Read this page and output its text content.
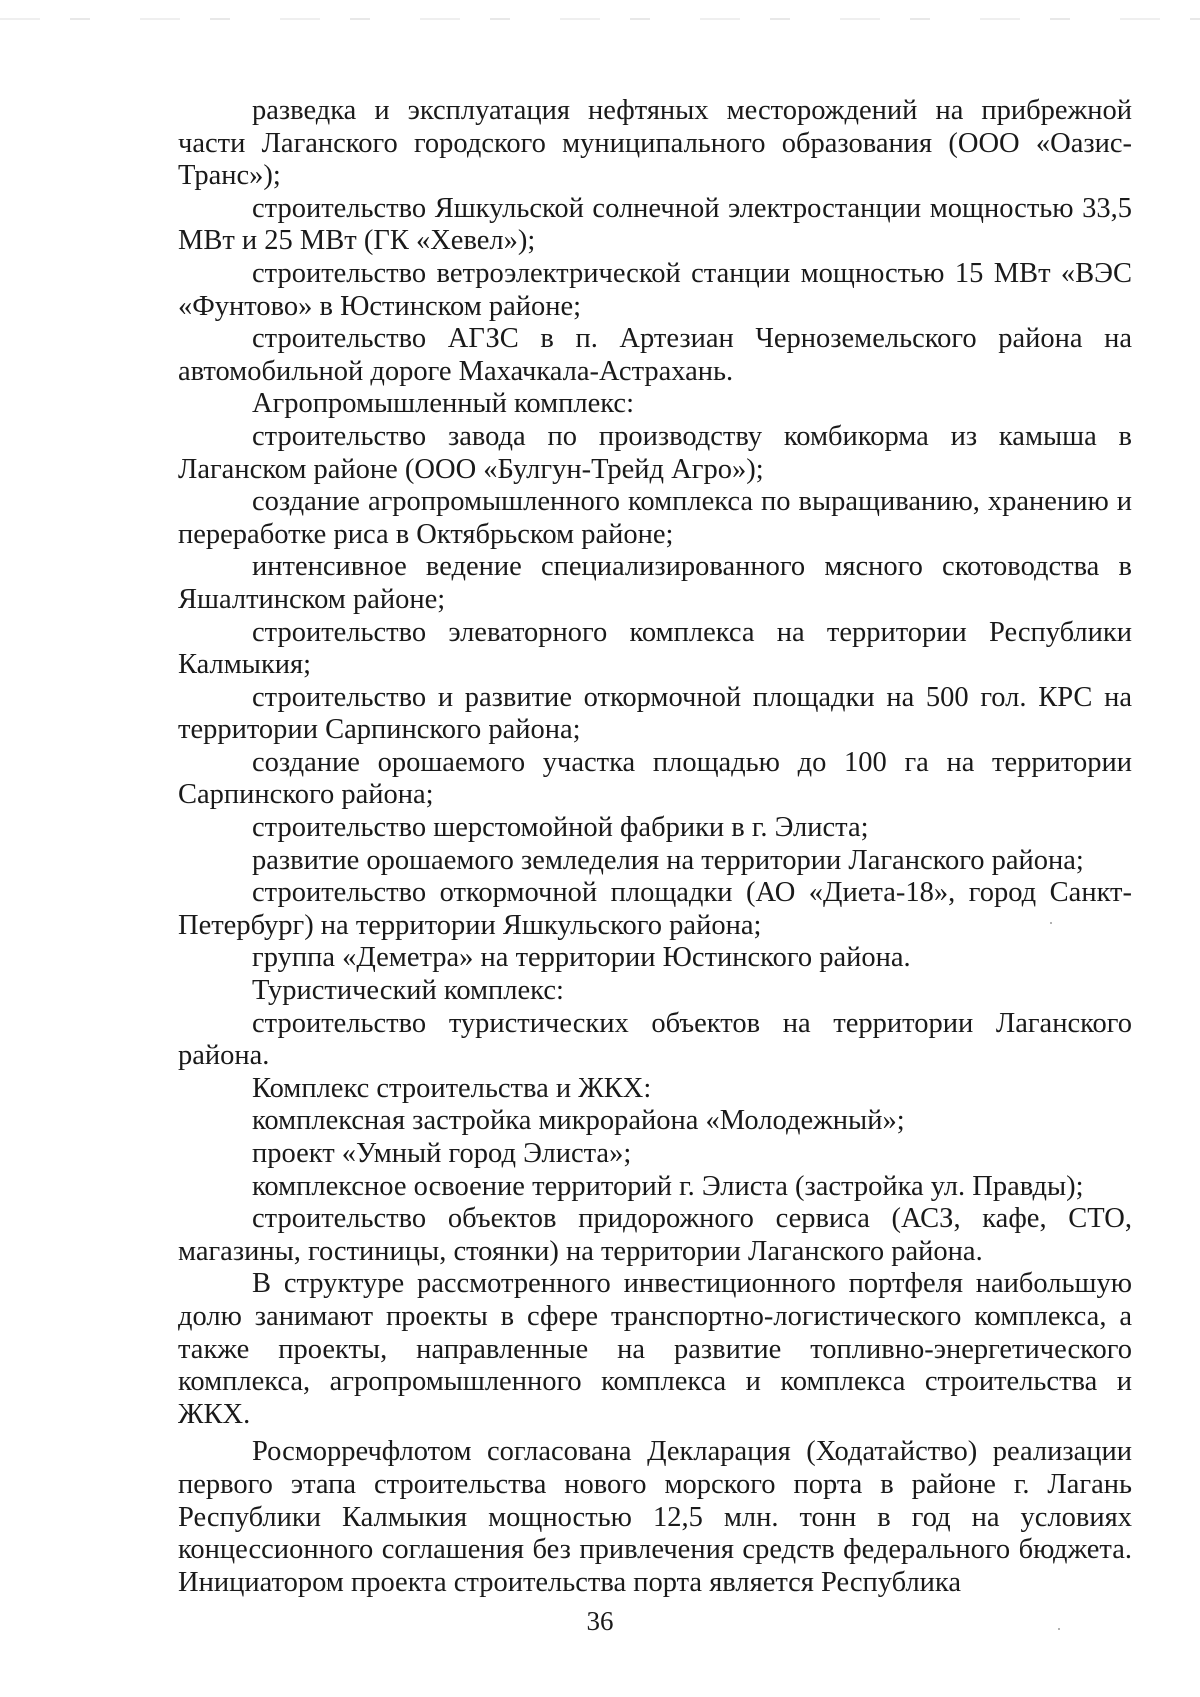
разведка и эксплуатация нефтяных месторождений на прибрежной части Лаганского городского муниципального образования (ООО «Оазис-Транс»);

строительство Яшкульской солнечной электростанции мощностью 33,5 МВт и 25 МВт (ГК «Хевел»);

строительство ветроэлектрической станции мощностью 15 МВт «ВЭС «Фунтово» в Юстинском районе;

строительство АГЗС в п. Артезиан Черноземельского района на автомобильной дороге Махачкала-Астрахань.

Агропромышленный комплекс:

строительство завода по производству комбикорма из камыша в Лаганском районе (ООО «Булгун-Трейд Агро»);

создание агропромышленного комплекса по выращиванию, хранению и переработке риса в Октябрьском районе;

интенсивное ведение специализированного мясного скотоводства в Яшалтинском районе;

строительство элеваторного комплекса на территории Республики Калмыкия;

строительство и развитие откормочной площадки на 500 гол. КРС на территории Сарпинского района;

создание орошаемого участка площадью до 100 га на территории Сарпинского района;

строительство шерстомойной фабрики в г. Элиста;

развитие орошаемого земледелия на территории Лаганского района;

строительство откормочной площадки (АО «Диета-18», город Санкт-Петербург) на территории Яшкульского района;

группа «Деметра» на территории Юстинского района.

Туристический комплекс:

строительство туристических объектов на территории Лаганского района.

Комплекс строительства и ЖКХ:

комплексная застройка микрорайона «Молодежный»;

проект «Умный город Элиста»;

комплексное освоение территорий г. Элиста (застройка ул. Правды);

строительство объектов придорожного сервиса (АСЗ, кафе, СТО, магазины, гостиницы, стоянки) на территории Лаганского района.

В структуре рассмотренного инвестиционного портфеля наибольшую долю занимают проекты в сфере транспортно-логистического комплекса, а также проекты, направленные на развитие топливно-энергетического комплекса, агропромышленного комплекса и комплекса строительства и ЖКХ.

Росморречфлотом согласована Декларация (Ходатайство) реализации первого этапа строительства нового морского порта в районе г. Лагань Республики Калмыкия мощностью 12,5 млн. тонн в год на условиях концессионного соглашения без привлечения средств федерального бюджета. Инициатором проекта строительства порта является Республика

36
